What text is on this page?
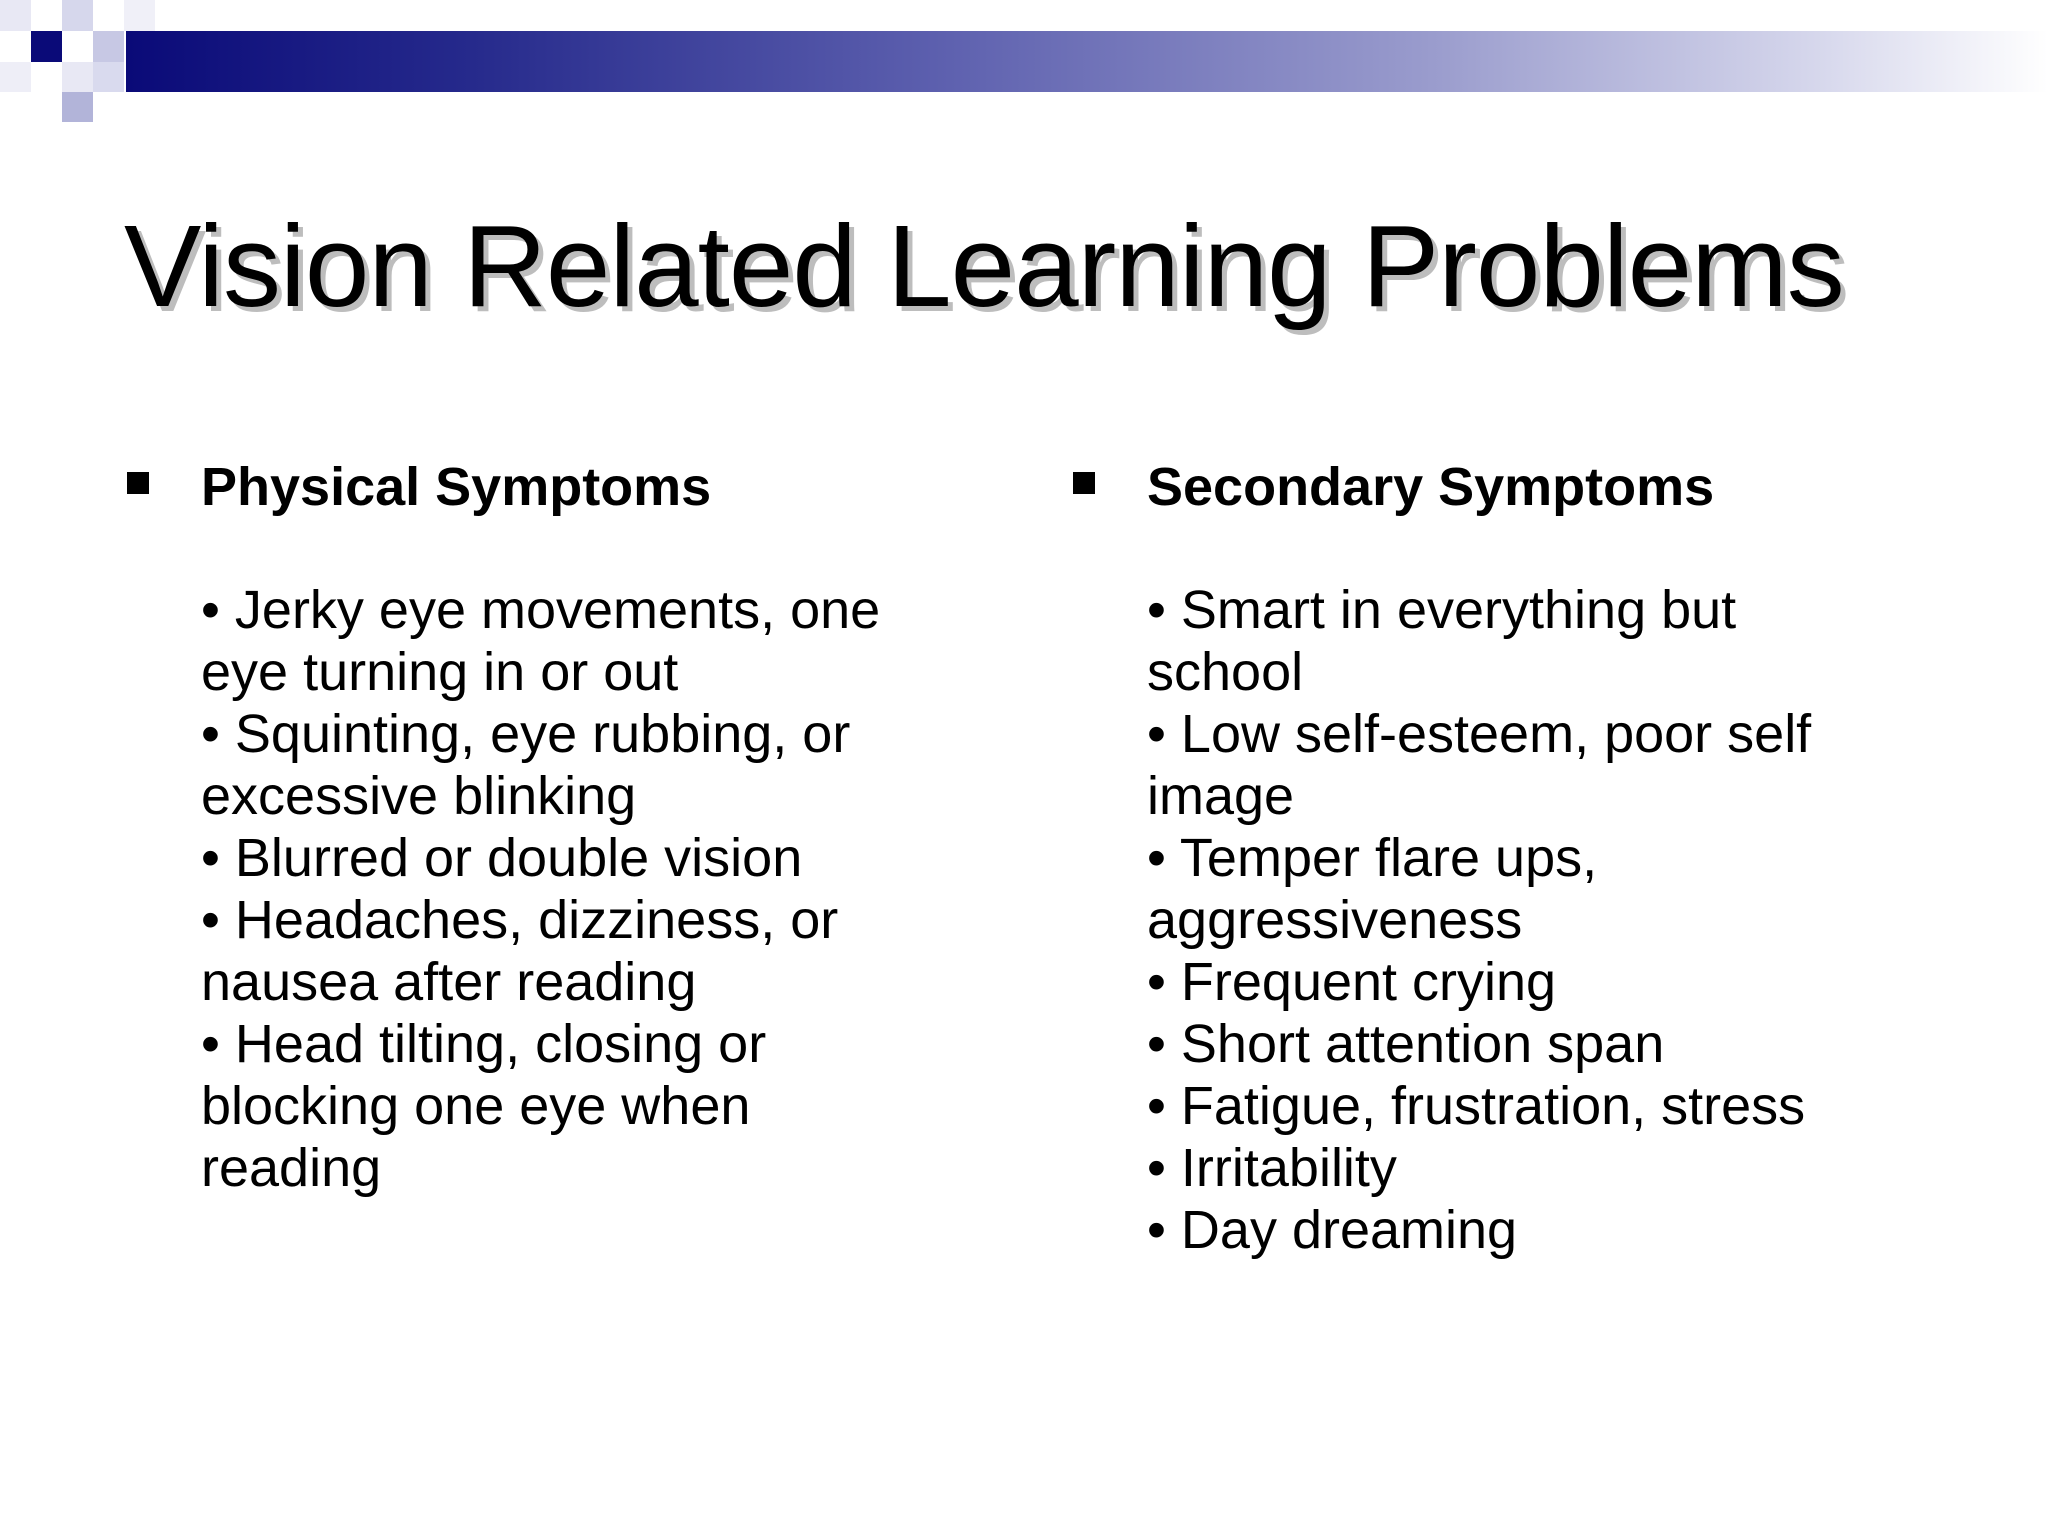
Vision Related Learning Problems
Physical Symptoms

• Jerky eye movements, one eye turning in or out

• Squinting, eye rubbing, or excessive blinking

• Blurred or double vision

• Headaches, dizziness, or nausea after reading

• Head tilting, closing or blocking one eye when reading

Secondary Symptoms

• Smart in everything but school

• Low self-esteem, poor self image

• Temper flare ups, aggressiveness

• Frequent crying

• Short attention span

• Fatigue, frustration, stress

• Irritability

• Day dreaming
